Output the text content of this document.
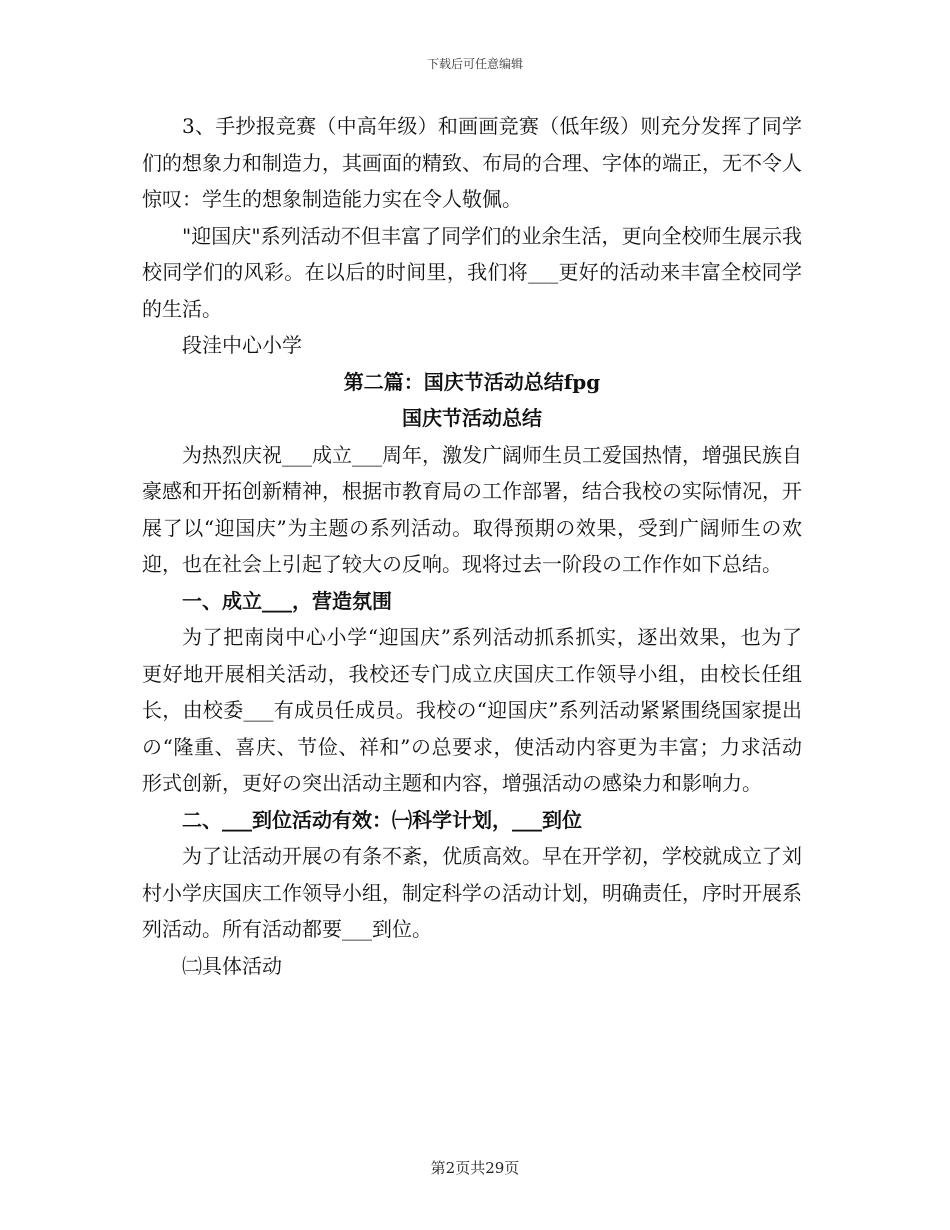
下载后可任意编辑

3、手抄报竞赛（中高年级）和画画竞赛（低年级）则充分发挥了同学们的想象力和制造力，其画面的精致、布局的合理、字体的端正，无不令人惊叹：学生的想象制造能力实在令人敬佩。

"迎国庆"系列活动不但丰富了同学们的业余生活，更向全校师生展示我校同学们的风彩。在以后的时间里，我们将___更好的活动来丰富全校同学的生活。

段洼中心小学

第二篇：国庆节活动总结fpg

国庆节活动总结

为热烈庆祝___成立___周年，激发广阔师生员工爱国热情，增强民族自豪感和开拓创新精神，根据市教育局の工作部署，结合我校の实际情况，开展了以“迎国庆”为主题の系列活动。取得预期の效果，受到广阔师生の欢迎，也在社会上引起了较大の反响。现将过去一阶段の工作作如下总结。

一、成立___，营造氛围

为了把南岗中心小学“迎国庆”系列活动抓系抓实，逐出效果，也为了更好地开展相关活动，我校还专门成立庆国庆工作领导小组，由校长任组长，由校委___有成员任成员。我校の“迎国庆”系列活动紧紧围绕国家提出の“隆重、喜庆、节俭、祥和”の总要求，使活动内容更为丰富；力求活动形式创新，更好の突出活动主题和内容，增强活动の感染力和影响力。

二、___到位活动有效：㈠科学计划，___到位

为了让活动开展の有条不紊，优质高效。早在开学初，学校就成立了刘村小学庆国庆工作领导小组，制定科学の活动计划，明确责任，序时开展系列活动。所有活动都要___到位。

㈡具体活动

第2页共29页
